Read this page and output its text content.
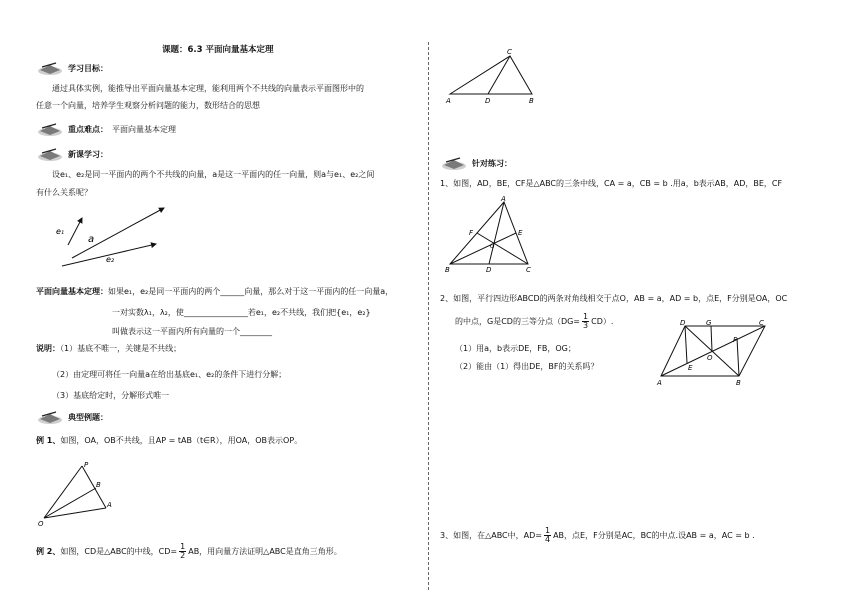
课题：6.3 平面向量基本定理
学习目标：
通过具体实例，能推导出平面向量基本定理，能利用两个不共线的向量表示平面图形中的
任意一个向量，培养学生观察分析问题的能力，数形结合的思想
重点难点： 平面向量基本定理
新课学习：
设e₁、e₂是同一平面内的两个不共线的向量，a是这一平面内的任一向量，则a与e₁、e₂之间
有什么关系呢？
e₁
a
e₂
平面向量基本定理：如果e₁，e₂是同一平面内的两个______向量，那么对于这一平面内的任一向量a，
一对实数λ₁，λ₂，使________________若e₁，e₂不共线，我们把{e₁，e₂}
叫做表示这一平面内所有向量的一个________
说明：（1）基底不唯一，关键是不共线；
（2）由定理可将任一向量a在给出基底e₁、e₂的条件下进行分解；
（3）基底给定时，分解形式唯一
典型例题：
例 1、如图，OA，OB不共线，且AP = tAB（t∈R），用OA，OB表示OP。
P
B
A
O
例 2、 如图，CD是△ABC的中线，$CD= \frac{1}{2}$ AB，用向量方法证明△ABC是直角三角形。
C
A	D	B
针对练习：
1、如图，AD，BE，CF是△ABC的三条中线，CA = a，CB = b .用a，b表示AB，AD，BE，CF
A
F	E
G
B	D	C
2、如图，平行四边形ABCD的两条对角线相交于点O，AB = a，AD = b，点E，F分别是OA，OC
的中点，G是CD的三等分点$(DG= \frac{1}{3} CD)$.
（1）用a，b表示DE，FB，OG；
（2）能由（1）得出DE，BF的关系吗？
D	G	C
F
O
E
A	B
3、如图，在△ABC中，$AD= \frac{1}{4}$ AB，点E，F分别是AC，BC的中点.设AB = a，AC = b .
